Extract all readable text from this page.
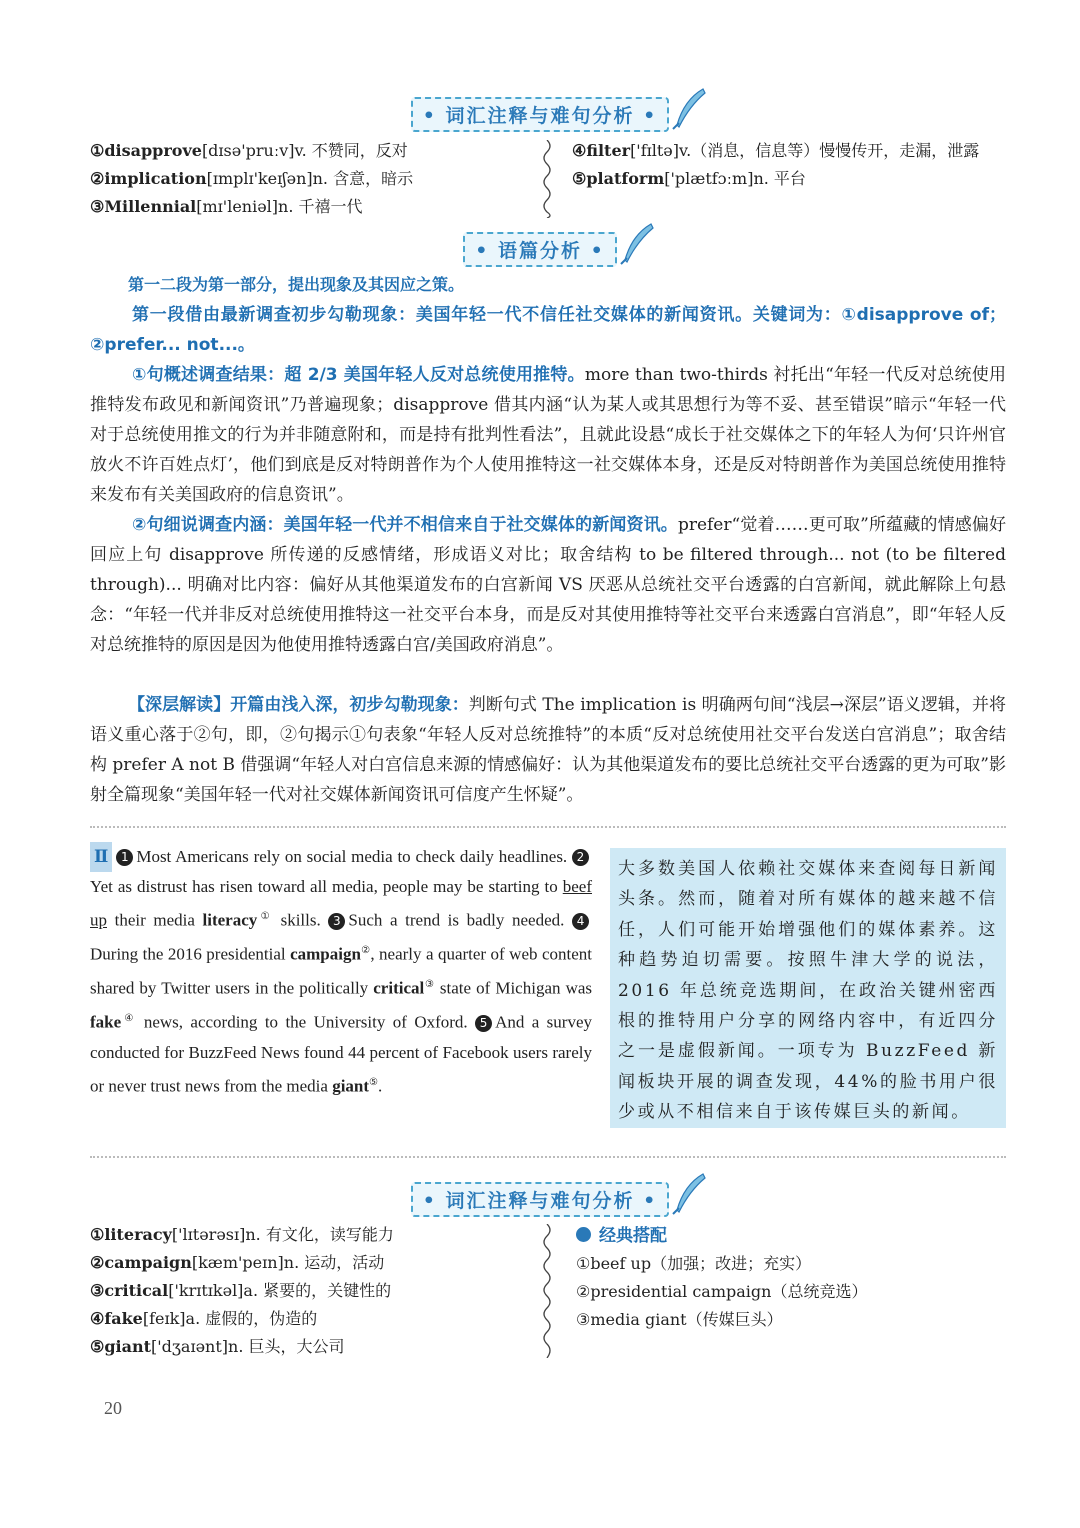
• 词汇注释与难句分析 •
①disapprove[dɪsə'pruːv]v. 不赞同，反对
②implication[ɪmplɪ'keɪʃən]n. 含意，暗示
③Millennial[mɪ'leniəl]n. 千禧一代
④filter['fɪltə]v.（消息，信息等）慢慢传开，走漏，泄露
⑤platform['plætfɔːm]n. 平台
• 语篇分析 •
第一二段为第一部分，提出现象及其因应之策。
第一段借由最新调查初步勾勒现象：美国年轻一代不信任社交媒体的新闻资讯。关键词为：①disapprove of；②prefer... not...。
①句概述调查结果：超 2/3 美国年轻人反对总统使用推特。more than two-thirds 衬托出“年轻一代反对总统使用推特发布政见和新闻资讯”乃普遍现象；disapprove 借其内涵“认为某人或其思想行为等不妥、甚至错误”暗示“年轻一代对于总统使用推文的行为并非随意附和，而是持有批判性看法”，且就此设悬“成长于社交媒体之下的年轻人为何‘只许州官放火不许百姓点灯’，他们到底是反对特朗普作为个人使用推特这一社交媒体本身，还是反对特朗普作为美国总统使用推特来发布有关美国政府的信息资讯”。
②句细说调查内涵：美国年轻一代并不相信来自于社交媒体的新闻资讯。prefer“觉着……更可取”所蕴藏的情感偏好回应上句 disapprove 所传递的反感情绪，形成语义对比；取舍结构 to be filtered through... not (to be filtered through)... 明确对比内容：偏好从其他渠道发布的白宫新闻 VS 厌恶从总统社交平台透露的白宫新闻，就此解除上句悬念：“年轻一代并非反对总统使用推特这一社交平台本身，而是反对其使用推特等社交平台来透露白宫消息”，即“年轻人反对总统推特的原因是因为他使用推特透露白宫/美国政府消息”。
【深层解读】开篇由浅入深，初步勾勒现象：判断句式 The implication is 明确两句间“浅层→深层”语义逻辑，并将语义重心落于②句，即，②句揭示①句表象“年轻人反对总统推特”的本质“反对总统使用社交平台发送白宫消息”；取舍结构 prefer A not B 借强调“年轻人对白宫信息来源的情感偏好：认为其他渠道发布的要比总统社交平台透露的更为可取”影射全篇现象“美国年轻一代对社交媒体新闻资讯可信度产生怀疑”。
Ⅱ 1 Most Americans rely on social media to check daily headlines. 2Yet as distrust has risen toward all media, people may be starting to beef up their media literacy① skills. 3 Such a trend is badly needed. 4During the 2016 presidential campaign②, nearly a quarter of web content shared by Twitter users in the politically critical③ state of Michigan was fake④ news, according to the University of Oxford. 5 And a survey conducted for BuzzFeed News found 44 percent of Facebook users rarely or never trust news from the media giant⑤.
大多数美国人依赖社交媒体来查阅每日新闻头条。然而，随着对所有媒体的越来越不信任，人们可能开始增强他们的媒体素养。这种趋势迫切需要。按照牛津大学的说法，2016 年总统竞选期间，在政治关键州密西根的推特用户分享的网络内容中，有近四分之一是虚假新闻。一项专为 BuzzFeed 新闻板块开展的调查发现，44%的脸书用户很少或从不相信来自于该传媒巨头的新闻。
• 词汇注释与难句分析 •
①literacy['lɪtərəsɪ]n. 有文化，读写能力
②campaign[kæm'peɪn]n. 运动，活动
③critical['krɪtɪkəl]a. 紧要的，关键性的
④fake[feɪk]a. 虚假的，伪造的
⑤giant['dʒaɪənt]n. 巨头，大公司
经典搭配
①beef up（加强；改进；充实）
②presidential campaign（总统竞选）
③media giant（传媒巨头）
20
